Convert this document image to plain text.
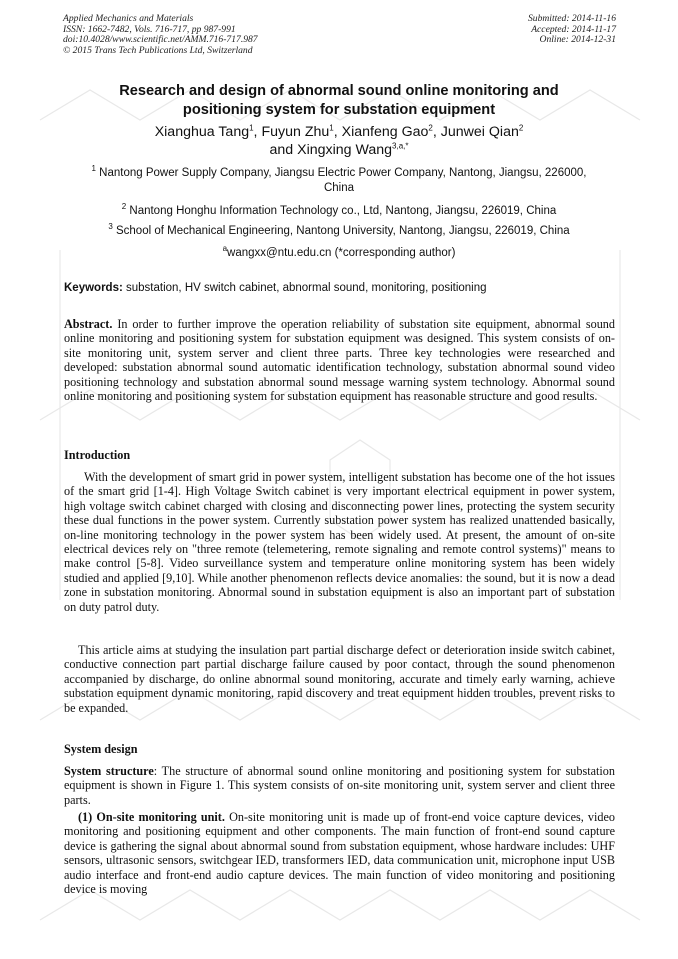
Applied Mechanics and Materials
ISSN: 1662-7482, Vols. 716-717, pp 987-991
doi:10.4028/www.scientific.net/AMM.716-717.987
© 2015 Trans Tech Publications Ltd, Switzerland
Submitted: 2014-11-16
Accepted: 2014-11-17
Online: 2014-12-31
Research and design of abnormal sound online monitoring and
positioning system for substation equipment
Xianghua Tang$^1$, Fuyun Zhu$^1$, Xianfeng Gao$^2$, Junwei Qian$^2$
and Xingxing Wang$^{3,a,*}$
$^1$ Nantong Power Supply Company, Jiangsu Electric Power Company, Nantong, Jiangsu, 226000,
China
$^2$ Nantong Honghu Information Technology co., Ltd, Nantong, Jiangsu, 226019, China
$^3$ School of Mechanical Engineering, Nantong University, Nantong, Jiangsu, 226019, China
$^a$wangxx@ntu.edu.cn (*corresponding author)
Keywords: substation, HV switch cabinet, abnormal sound, monitoring, positioning
Abstract. In order to further improve the operation reliability of substation site equipment, abnormal sound online monitoring and positioning system for substation equipment was designed. This system consists of on-site monitoring unit, system server and client three parts. Three key technologies were researched and developed: substation abnormal sound automatic identification technology, substation abnormal sound video positioning technology and substation abnormal sound message warning system technology. Abnormal sound online monitoring and positioning system for substation equipment has reasonable structure and good results.
Introduction
With the development of smart grid in power system, intelligent substation has become one of the hot issues of the smart grid [1-4]. High Voltage Switch cabinet is very important electrical equipment in power system, high voltage switch cabinet charged with closing and disconnecting power lines, protecting the system security these dual functions in the power system. Currently substation power system has realized unattended basically, on-line monitoring technology in the power system has been widely used. At present, the amount of on-site electrical devices rely on "three remote (telemetering, remote signaling and remote control systems)" means to make control [5-8]. Video surveillance system and temperature online monitoring system has been widely studied and applied [9,10]. While another phenomenon reflects device anomalies: the sound, but it is now a dead zone in substation monitoring. Abnormal sound in substation equipment is also an important part of substation on duty patrol duty.
This article aims at studying the insulation part partial discharge defect or deterioration inside switch cabinet, conductive connection part partial discharge failure caused by poor contact, through the sound phenomenon accompanied by discharge, do online abnormal sound monitoring, accurate and timely early warning, achieve substation equipment dynamic monitoring, rapid discovery and treat equipment hidden troubles, prevent risks to be expanded.
System design
System structure: The structure of abnormal sound online monitoring and positioning system for substation equipment is shown in Figure 1. This system consists of on-site monitoring unit, system server and client three parts.
(1) On-site monitoring unit. On-site monitoring unit is made up of front-end voice capture devices, video monitoring and positioning equipment and other components. The main function of front-end sound capture device is gathering the signal about abnormal sound from substation equipment, whose hardware includes: UHF sensors, ultrasonic sensors, switchgear IED, transformers IED, data communication unit, microphone input USB audio interface and front-end audio capture devices. The main function of video monitoring and positioning device is moving
